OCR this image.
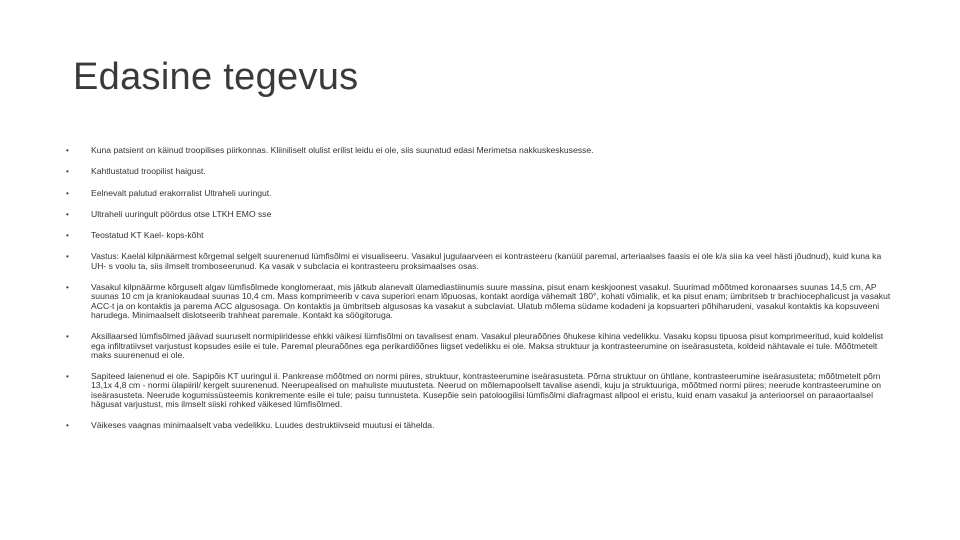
Edasine tegevus
•	Kuna patsient on käinud troopilises piirkonnas. Kliiniliselt olulist erilist leidu ei ole, siis suunatud edasi Merimetsa nakkuskeskusesse.
•	Kahtlustatud troopilist haigust.
•	Eelnevalt palutud erakorralist Ultraheli uuringut.
•	Ultraheli uuringult pöördus otse LTKH EMO sse
•	Teostatud KT Kael- kops-kõht
•	Vastus: Kaelal kilpnäärmest kõrgemal selgelt suurenenud lümfisõlmi ei visualiseeru. Vasakul jugulaarveen ei kontrasteeru (kanüül paremal, arteriaalses faasis ei ole k/a siia ka veel hästi jõudnud), kuid kuna ka UH- s voolu ta, siis ilmselt tromboseerunud. Ka vasak v subclacia ei kontrasteeru proksimaalses osas.
•	Vasakul kilpnäärme kõrguselt algav lümfisõlmede konglomeraat, mis jätkub alanevalt ülamediastiinumis suure massina, pisut enam keskjoonest vasakul. Suurimad mõõtmed koronaarses suunas 14,5 cm, AP suunas 10 cm ja kraniokaudaal suunas 10,4 cm. Mass komprimeerib v cava superiori enam lõpuosas, kontakt aordiga vähemalt 180°, kohati võimalik, et ka pisut enam; ümbritseb tr brachiocephalicust ja vasakut ACC-t ja on kontaktis ja parema ACC algusosaga. On kontaktis ja ümbritseb algusosas ka vasakut a subclaviat. Ulatub mõlema südame kodadeni ja kopsuarteri põhiharudeni, vasakul kontaktis ka kopsuveeni harudega. Minimaalselt dislotseerib trahheat paremale. Kontakt ka söögitoruga.
•	Aksillaarsed lümfisõlmed jäävad suuruselt normipiiridesse ehkki väikesi lümfisõlmi on tavalisest enam. Vasakul pleuraõõnes õhukese kihina vedelikku. Vasaku kopsu tipuosa pisut komprimeeritud, kuid koldelist ega infiltratiivset varjustust kopsudes esile ei tule. Paremal pleuraõõnes ega perikardiõõnes liigset vedelikku ei ole. Maksa struktuur ja kontrasteerumine on iseärasusteta, koldeid nähtavale ei tule. Mõõtmetelt maks suurenenud ei ole.
•	Sapiteed laienenud ei ole. Sapipõis KT uuringul ii. Pankrease mõõtmed on normi piires, struktuur, kontrasteerumine iseärasusteta. Põrna struktuur on ühtlane, kontrasteerumine iseärasusteta; mõõtmetelt põrn 13,1x 4,8 cm - normi ülapiiril/ kergelt suurenenud. Neerupealised on mahuliste muutusteta. Neerud on mõlemapoolselt tavalise asendi, kuju ja struktuuriga, mõõtmed normi piires; neerude kontrasteerumine on iseärasusteta. Neerude kogumissüsteemis konkremente esile ei tule; paisu tunnusteta. Kusepõie sein patoloogilisi lümfisõlmi diafragmast allpool ei eristu, kuid enam vasakul ja anterioorsel on paraaortaalsel hägusat varjustust, mis ilmselt siiski rohked väikesed lümfisõlmed.
•	Väikeses vaagnas minimaalselt vaba vedelikku. Luudes destruktiivseid muutusi ei tähelda.
